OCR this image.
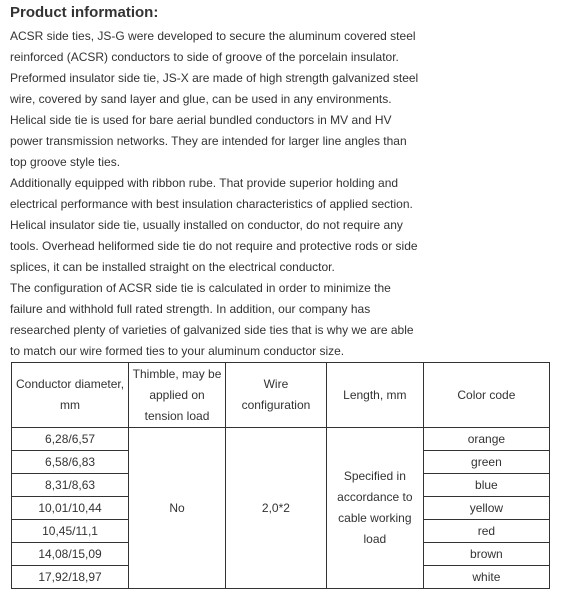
Product information:
ACSR side ties, JS-G were developed to secure the aluminum covered steel
reinforced (ACSR) conductors to side of groove of the porcelain insulator.
Preformed insulator side tie, JS-X are made of high strength galvanized steel
wire, covered by sand layer and glue, can be used in any environments.
Helical side tie is used for bare aerial bundled conductors in MV and HV
power transmission networks. They are intended for larger line angles than
top groove style ties.
Additionally equipped with ribbon rube. That provide superior holding and
electrical performance with best insulation characteristics of applied section.
Helical insulator side tie, usually installed on conductor, do not require any
tools. Overhead heliformed side tie do not require and protective rods or side
splices, it can be installed straight on the electrical conductor.
The configuration of ACSR side tie is calculated in order to minimize the
failure and withhold full rated strength. In addition, our company has
researched plenty of varieties of galvanized side ties that is why we are able
to match our wire formed ties to your aluminum conductor size.
Conductor diameter, mm	Thimble, may be applied on tension load	Wire configuration	Length, mm	Color code
6,28/6,57	No	2,0*2	Specified in accordance to cable working load	orange
6,58/6,83				green
8,31/8,63				blue
10,01/10,44				yellow
10,45/11,1				red
14,08/15,09				brown
17,92/18,97				white
